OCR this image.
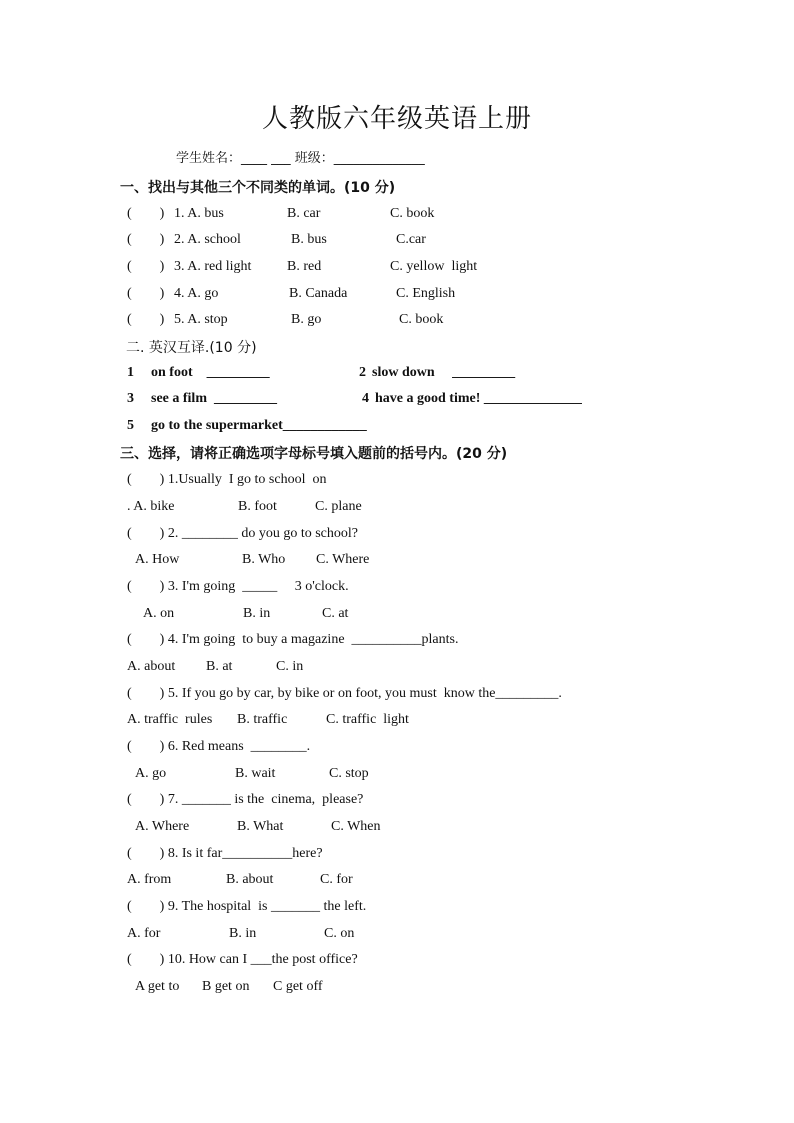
人教版六年级英语上册
学生姓名：____ ___ 班级：______________
一、找出与其他三个不同类的单词。(10 分)
(        ) 1. A. bus	B. car	C. book
(        ) 2. A. school	B. bus	C.car
(        ) 3. A. red light	B. red	C. yellow  light
(        ) 4. A. go	B. Canada	C. English
(        ) 5. A. stop	B. go	C. book
二. 英汉互译.(10 分)
1 on foot    _________	2 slow down     _________
3 see a film  _________	4 have a good time! ______________
5 go to the supermarket____________
三、选择，请将正确选项字母标号填入题前的括号内。(20 分)
(        ) 1.Usually  I go to school  on
. A. bike	B. foot	C. plane
(        ) 2. ________ do you go to school?
A. How	B. Who C. Where
(        ) 3. I'm going  _____     3 o'clock.
A. on	B. in	C. at
(        ) 4. I'm going  to buy a magazine  __________plants.
A. about B. at	C. in
(        ) 5. If you go by car, by bike or on foot, you must  know the_________.
A. traffic  rules B. traffic	C. traffic  light
(        ) 6. Red means  ________.
A. go	B. wait	C. stop
(        ) 7. _______ is the  cinema,  please?
A. Where	B. What	C. When
(        ) 8. Is it far__________here?
A. from	B. about	C. for
(        ) 9. The hospital  is _______ the left.
A. for	B. in	C. on
(        ) 10. How can I ___the post office?
A get to B get on C get off
